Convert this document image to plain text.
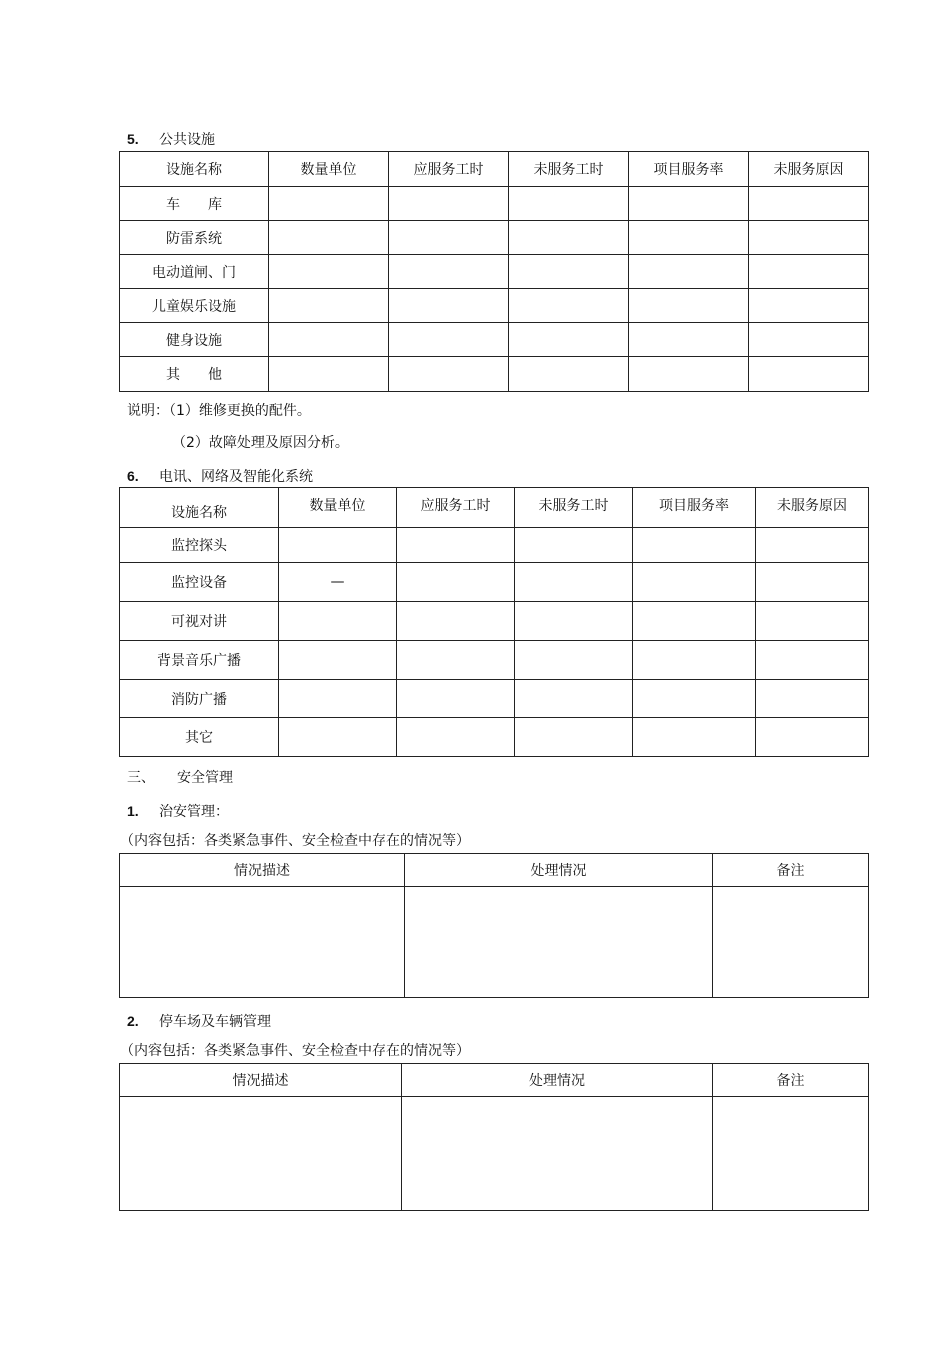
5. 公共设施
设施名称	数量单位	应服务工时	未服务工时	项目服务率	未服务原因
车　　库					
防雷系统					
电动道闸、门					
儿童娱乐设施					
健身设施					
其　　他					
说明：（1）维修更换的配件。
（2）故障处理及原因分析。
6. 电讯、网络及智能化系统
设施名称	数量单位	应服务工时	未服务工时	项目服务率	未服务原因
监控探头					
监控设备	—				
可视对讲					
背景音乐广播					
消防广播					
其它					
三、 安全管理
1. 治安管理：
（内容包括：各类紧急事件、安全检查中存在的情况等）
情况描述	处理情况	备注

2. 停车场及车辆管理
（内容包括：各类紧急事件、安全检查中存在的情况等）
情况描述	处理情况	备注
